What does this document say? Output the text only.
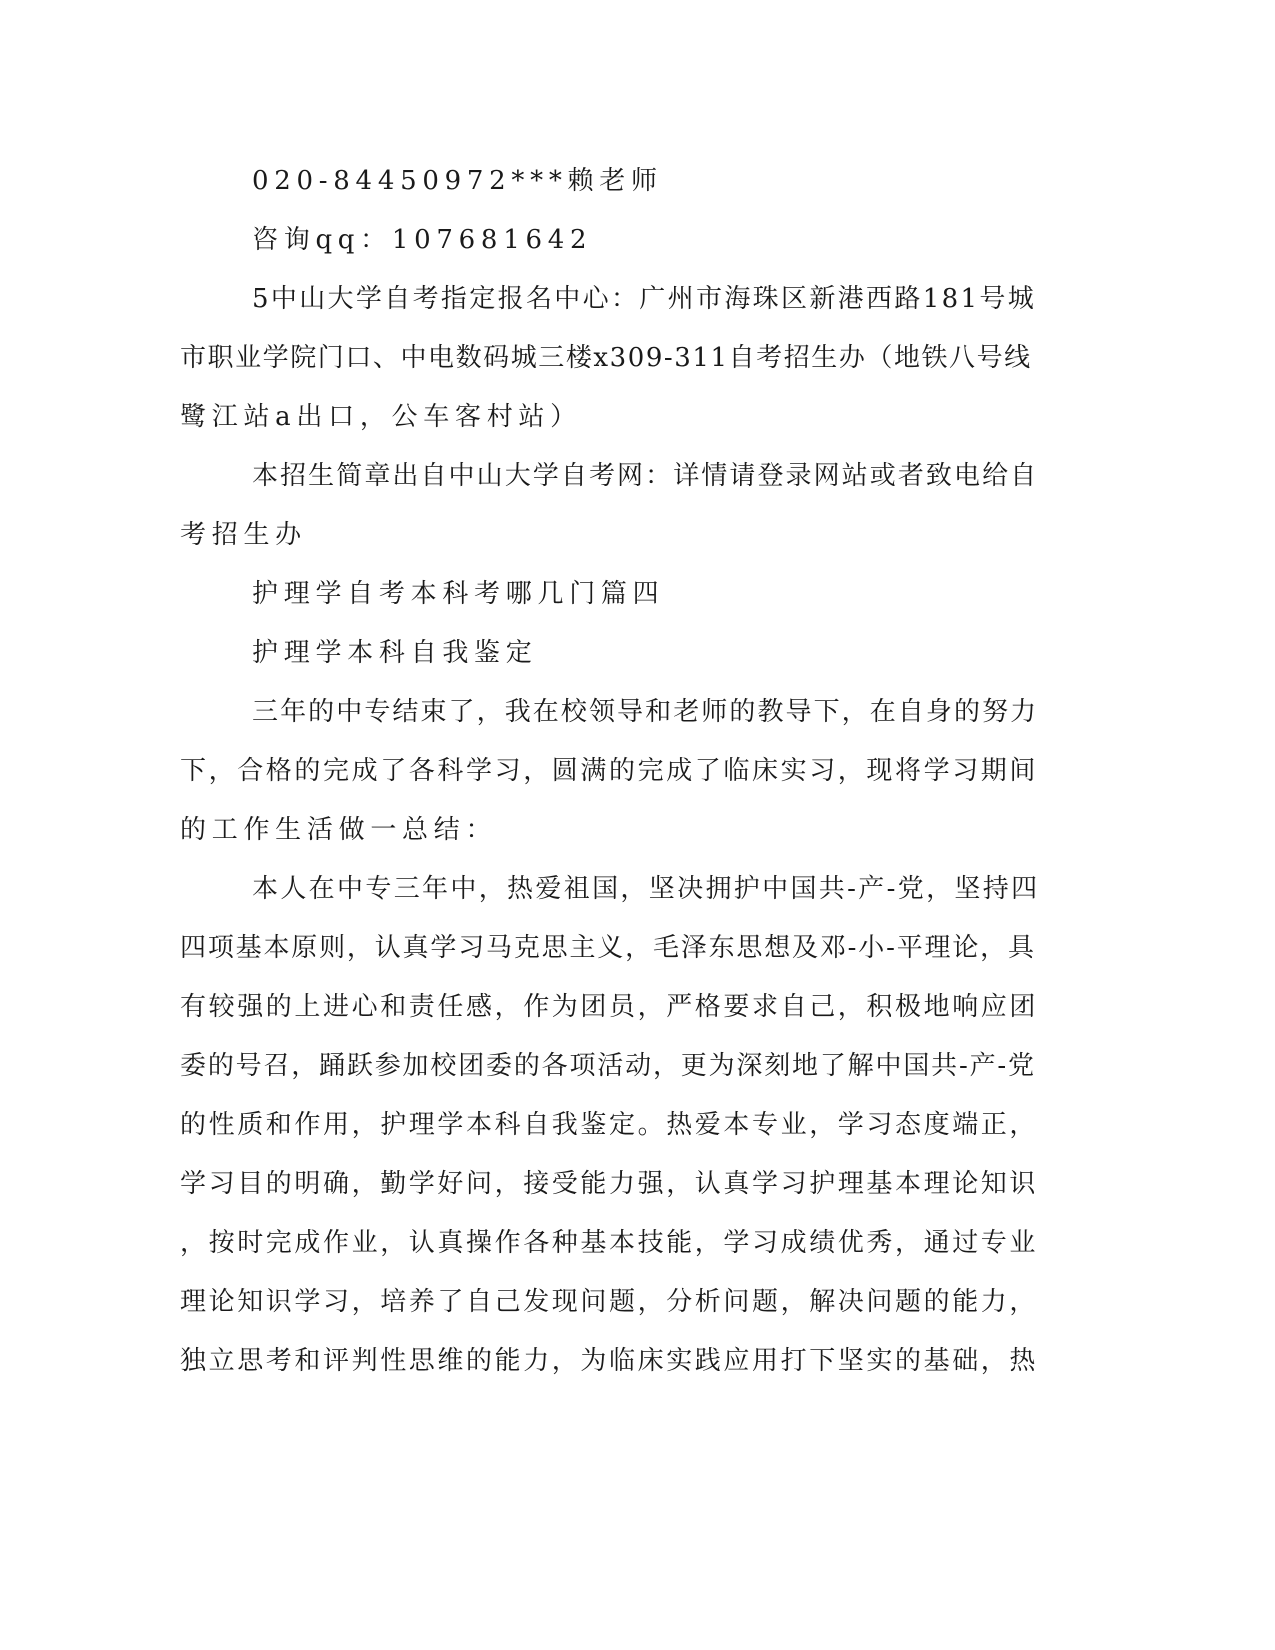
020-84450972***赖老师
咨询qq：107681642
5中山大学自考指定报名中心：广州市海珠区新港西路181号城
市职业学院门口、中电数码城三楼x309-311自考招生办（地铁八号线
鹭江站a出口，公车客村站）
本招生简章出自中山大学自考网：详情请登录网站或者致电给自
考招生办
护理学自考本科考哪几门篇四
护理学本科自我鉴定
三年的中专结束了，我在校领导和老师的教导下，在自身的努力
下，合格的完成了各科学习，圆满的完成了临床实习，现将学习期间
的工作生活做一总结：
本人在中专三年中，热爱祖国，坚决拥护中国共-产-党，坚持四
四项基本原则，认真学习马克思主义，毛泽东思想及邓-小-平理论，具
有较强的上进心和责任感，作为团员，严格要求自己，积极地响应团
委的号召，踊跃参加校团委的各项活动，更为深刻地了解中国共-产-党
的性质和作用，护理学本科自我鉴定。热爱本专业，学习态度端正，
学习目的明确，勤学好问，接受能力强，认真学习护理基本理论知识
，按时完成作业，认真操作各种基本技能，学习成绩优秀，通过专业
理论知识学习，培养了自己发现问题，分析问题，解决问题的能力，
独立思考和评判性思维的能力，为临床实践应用打下坚实的基础，热
